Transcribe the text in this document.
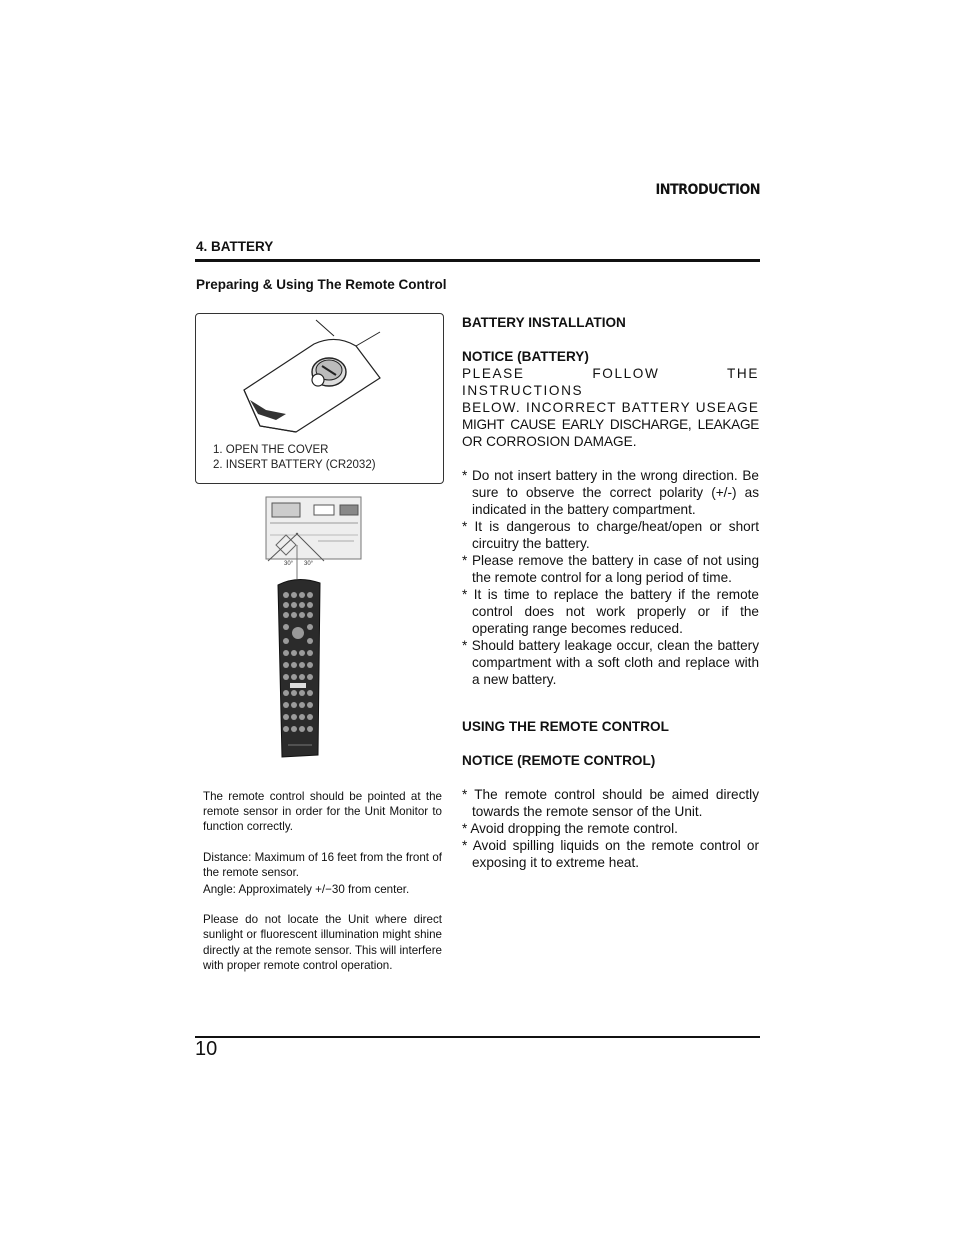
INTRODUCTION
4. BATTERY
Preparing & Using The Remote Control
1. OPEN THE COVER
2. INSERT BATTERY (CR2032)
30° 30°

The remote control should be pointed at the remote sensor in order for the Unit Monitor to function correctly.

Distance: Maximum of 16 feet from the front of the remote sensor.

Angle: Approximately +/−30 from center.

Please do not locate the Unit where direct sunlight or fluorescent illumination might shine directly at the remote sensor. This will interfere with proper remote control operation.

BATTERY INSTALLATION

NOTICE (BATTERY)

PLEASE FOLLOW THE INSTRUCTIONS

BELOW. INCORRECT BATTERY USEAGE

MIGHT CAUSE EARLY DISCHARGE, LEAKAGE

OR CORROSION DAMAGE.

* Do not insert battery in the wrong direction. Be sure to observe the correct polarity (+/-) as indicated in the battery compartment.

* It is dangerous to charge/heat/open or short circuitry the battery.

* Please remove the battery in case of not using the remote control for a long period of time.

* It is time to replace the battery if the remote control does not work properly or if the operating range becomes reduced.

* Should battery leakage occur, clean the battery compartment with a soft cloth and replace with a new battery.

USING THE REMOTE CONTROL

NOTICE (REMOTE CONTROL)

* The remote control should be aimed directly towards the remote sensor of the Unit.

* Avoid dropping the remote control.

* Avoid spilling liquids on the remote control or exposing it to extreme heat.

10
